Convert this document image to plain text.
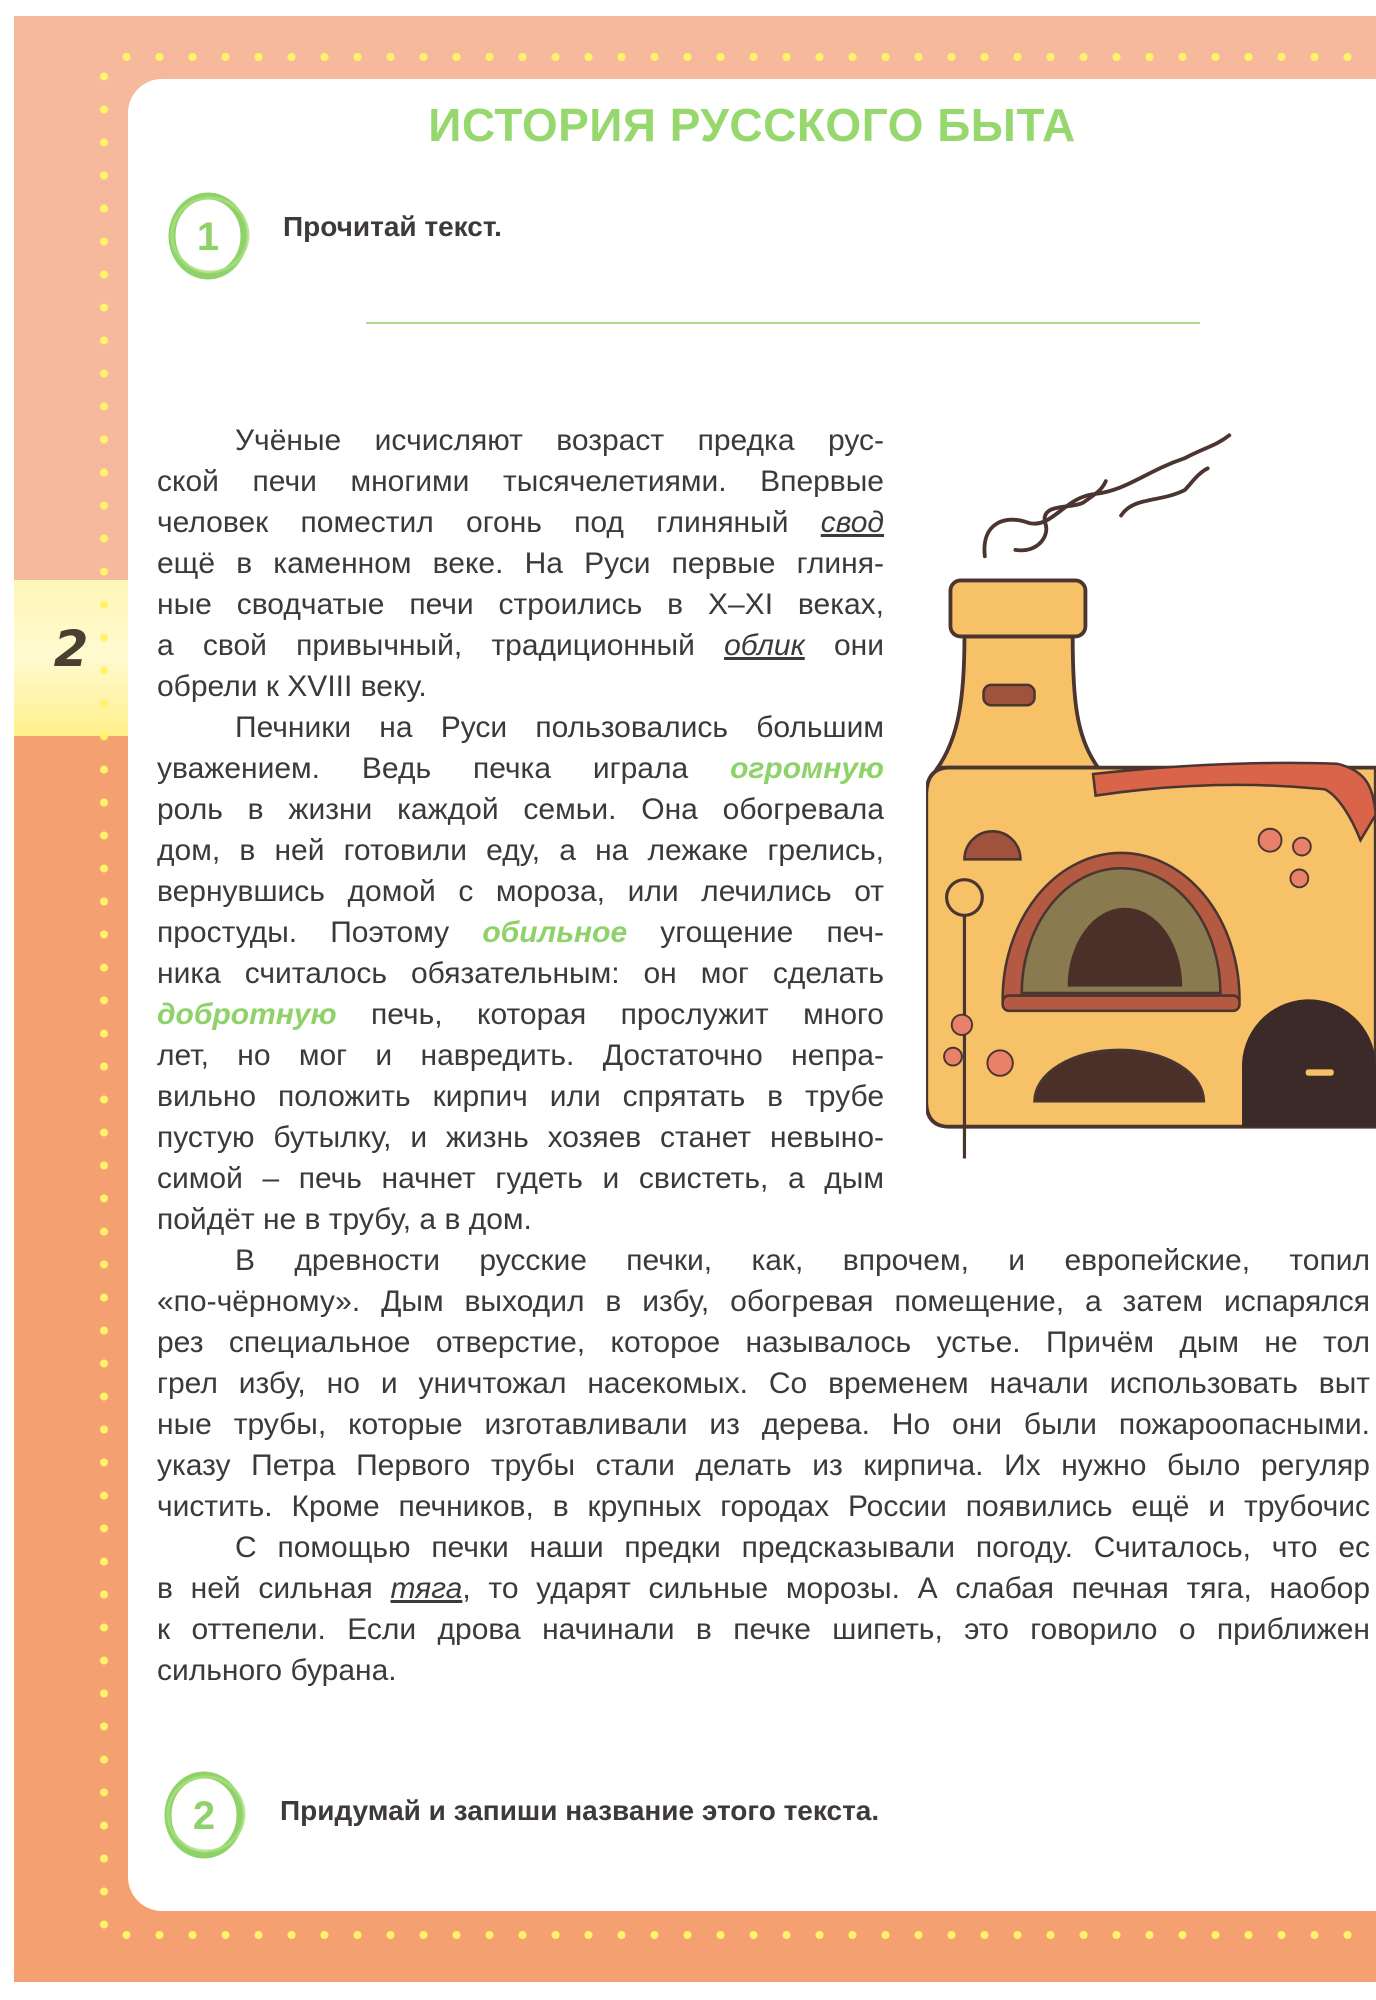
2
ИСТОРИЯ РУССКОГО БЫТА
1 Прочитай текст.
Учёные исчисляют возраст предка рус-
ской печи многими тысячелетиями. Впервые
человек поместил огонь под глиняный свод
ещё в каменном веке. На Руси первые глиня-
ные сводчатые печи строились в X–XI веках,
а свой привычный, традиционный облик они
обрели к XVIII веку.
Печники на Руси пользовались большим
уважением. Ведь печка играла огромную
роль в жизни каждой семьи. Она обогревала
дом, в ней готовили еду, а на лежаке грелись,
вернувшись домой с мороза, или лечились от
простуды. Поэтому обильное угощение печ-
ника считалось обязательным: он мог сделать
добротную печь, которая прослужит много
лет, но мог и навредить. Достаточно непра-
вильно положить кирпич или спрятать в трубе
пустую бутылку, и жизнь хозяев станет невыно-
симой – печь начнет гудеть и свистеть, а дым
пойдёт не в трубу, а в дом.
В древности русские печки, как, впрочем, и европейские, топил
«по-чёрному». Дым выходил в избу, обогревая помещение, а затем испарялся
рез специальное отверстие, которое называлось устье. Причём дым не тол
грел избу, но и уничтожал насекомых. Со временем начали использовать выт
ные трубы, которые изготавливали из дерева. Но они были пожароопасными.
указу Петра Первого трубы стали делать из кирпича. Их нужно было регуляр
чистить. Кроме печников, в крупных городах России появились ещё и трубочис
С помощью печки наши предки предсказывали погоду. Считалось, что ес
в ней сильная тяга, то ударят сильные морозы. А слабая печная тяга, наобор
к оттепели. Если дрова начинали в печке шипеть, это говорило о приближен
сильного бурана.
2 Придумай и запиши название этого текста.
